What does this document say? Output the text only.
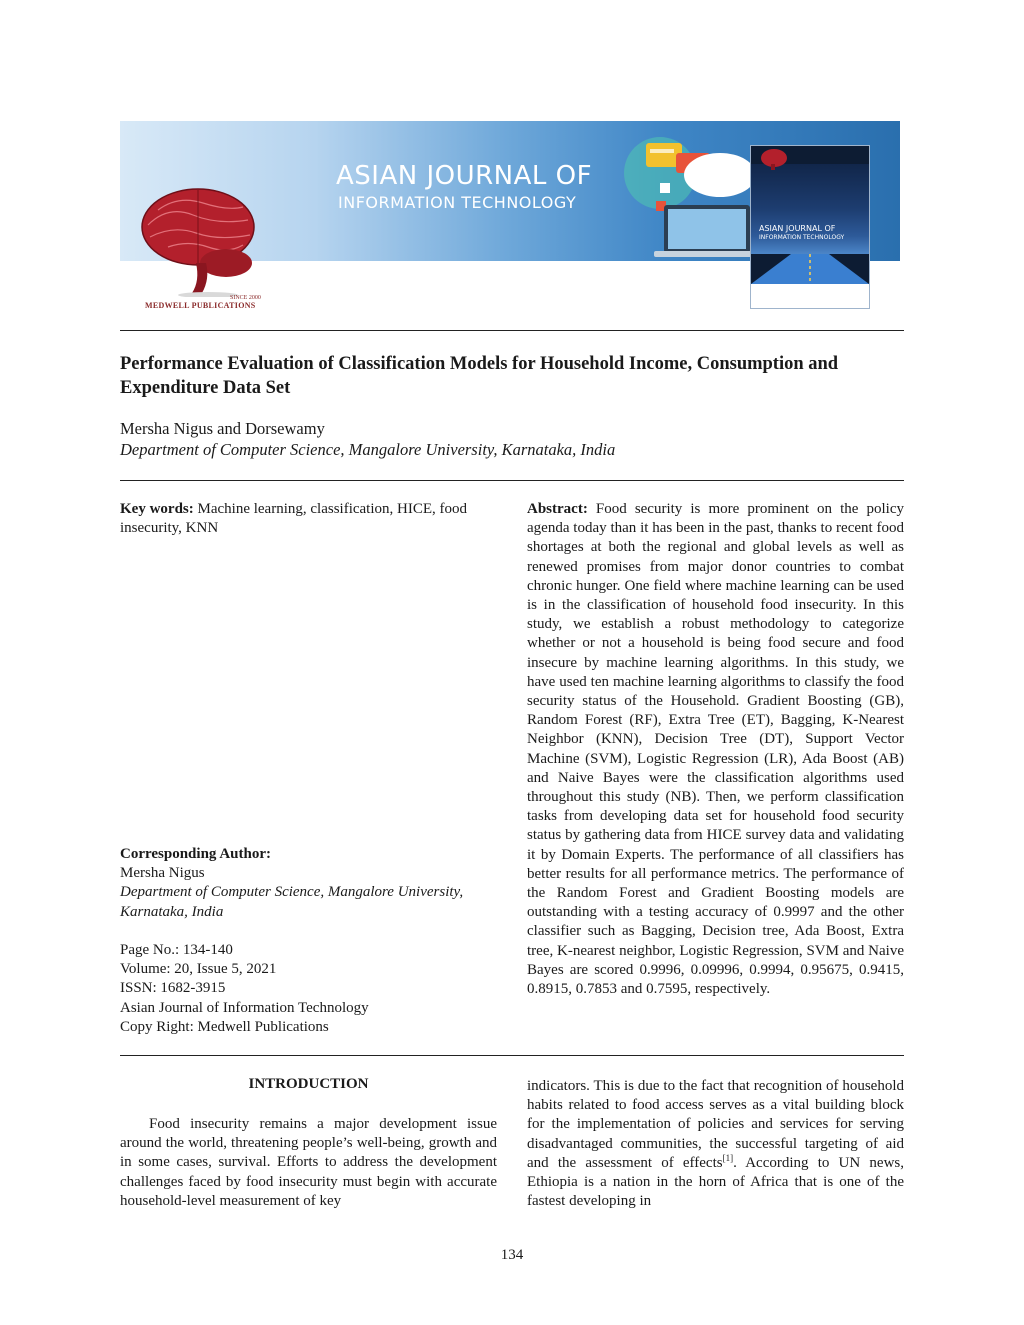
SINCE 2000
MEDWELL PUBLICATIONS
ASIAN JOURNAL OF
INFORMATION TECHNOLOGY
ASIAN JOURNAL OF
INFORMATION TECHNOLOGY
Performance Evaluation of Classification Models for Household Income, Consumption and Expenditure Data Set
Mersha Nigus and Dorsewamy
Department of Computer Science, Mangalore University, Karnataka, India
Key words: Machine learning, classification, HICE, food insecurity, KNN
Corresponding Author:
Mersha Nigus
Department of Computer Science, Mangalore University, Karnataka, India
Page No.: 134-140
Volume: 20, Issue 5, 2021
ISSN: 1682-3915
Asian Journal of Information Technology
Copy Right: Medwell Publications
Abstract: Food security is more prominent on the policy agenda today than it has been in the past, thanks to recent food shortages at both the regional and global levels as well as renewed promises from major donor countries to combat chronic hunger. One field where machine learning can be used is in the classification of household food insecurity. In this study, we establish a robust methodology to categorize whether or not a household is being food secure and food insecure by machine learning algorithms. In this study, we have used ten machine learning algorithms to classify the food security status of the Household. Gradient Boosting (GB), Random Forest (RF), Extra Tree (ET), Bagging, K-Nearest Neighbor (KNN), Decision Tree (DT), Support Vector Machine (SVM), Logistic Regression (LR), Ada Boost (AB) and Naive Bayes were the classification algorithms used throughout this study (NB). Then, we perform classification tasks from developing data set for household food security status by gathering data from HICE survey data and validating it by Domain Experts. The performance of all classifiers has better results for all performance metrics. The performance of the Random Forest and Gradient Boosting models are outstanding with a testing accuracy of 0.9997 and the other classifier such as Bagging, Decision tree, Ada Boost, Extra tree, K-nearest neighbor, Logistic Regression, SVM and Naive Bayes are scored 0.9996, 0.09996, 0.9994, 0.95675, 0.9415, 0.8915, 0.7853 and 0.7595, respectively.
INTRODUCTION
Food insecurity remains a major development issue around the world, threatening people’s well-being, growth and in some cases, survival. Efforts to address the development challenges faced by food insecurity must begin with accurate household-level measurement of key
indicators. This is due to the fact that recognition of household habits related to food access serves as a vital building block for the implementation of policies and services for serving disadvantaged communities, the successful targeting of aid and the assessment of effects[1]. According to UN news, Ethiopia is a nation in the horn of Africa that is one of the fastest developing in
134
